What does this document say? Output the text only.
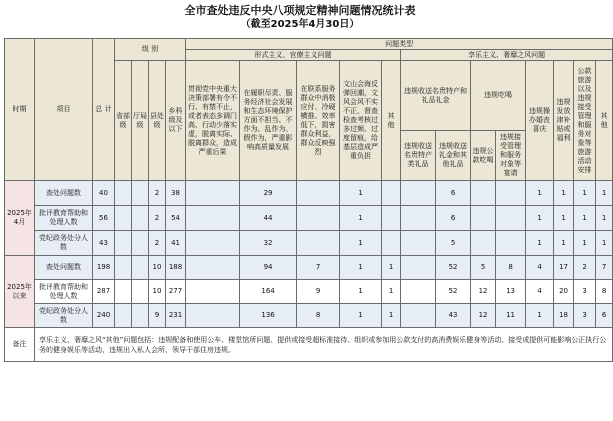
全市查处违反中央八项规定精神问题情况统计表
（截至2025年4月30日）
时期	项目	总 计	级 别				问题类型												
							形式主义、官僚主义问题					享乐主义、奢靡之风问题							
			省部级	厅局级	县处级	乡科级及以下	贯彻党中央重大决策部署有令不行、有禁不止，或者表态多调门高、行动少落实虚，脱离实际、脱离群众，造成严重后果	在履职尽责、服务经济社会发展和生态环境保护方面不担当、不作为、乱作为、假作为，严重影响高质量发展	在联系服务群众中消极应付、冷硬横推、效率低下，损害群众利益，群众反映强烈	文山会海反弹回潮，文风会风不实不正，督查检查考核过多过频、过度留痕，给基层造成严重负担	其 他	违规收送名贵特产和礼品礼金		违规吃喝		违规操办婚丧喜庆	违规发放津补贴或福利	公款旅游以及违规接受管理和服务对象等旅游活动安排	其 他

												违规收送名贵特产类礼品	违规收送礼金和其他礼品	违规公款吃喝	违规接受管理和服务对象等宴请				
2025年4月	查处问题数	40			2	38		29		1			6			1	1	1	1
	批评教育帮助和处理人数	56			2	54		44		1			6			1	1	1	1
	党纪政务处分人数	43			2	41		32		1			5			1	1	1	1
2025年以来	查处问题数	198			10	188		94	7	1	1		52	5	8	4	17	2	7
	批评教育帮助和处理人数	287			10	277		164	9	1	1		52	12	13	4	20	3	8
	党纪政务处分人数	240			9	231		136	8	1	1		43	12	11	1	18	3	6
备注	享乐主义、奢靡之风“其他”问题包括：违规配备和使用公车、楼堂馆所问题、提供或接受超标准接待、组织或参加用公款支付的高消费娱乐健身等活动、接受或提供可能影响公正执行公务的健身娱乐等活动、违规出入私人会所、领导干部住房违规。																		
